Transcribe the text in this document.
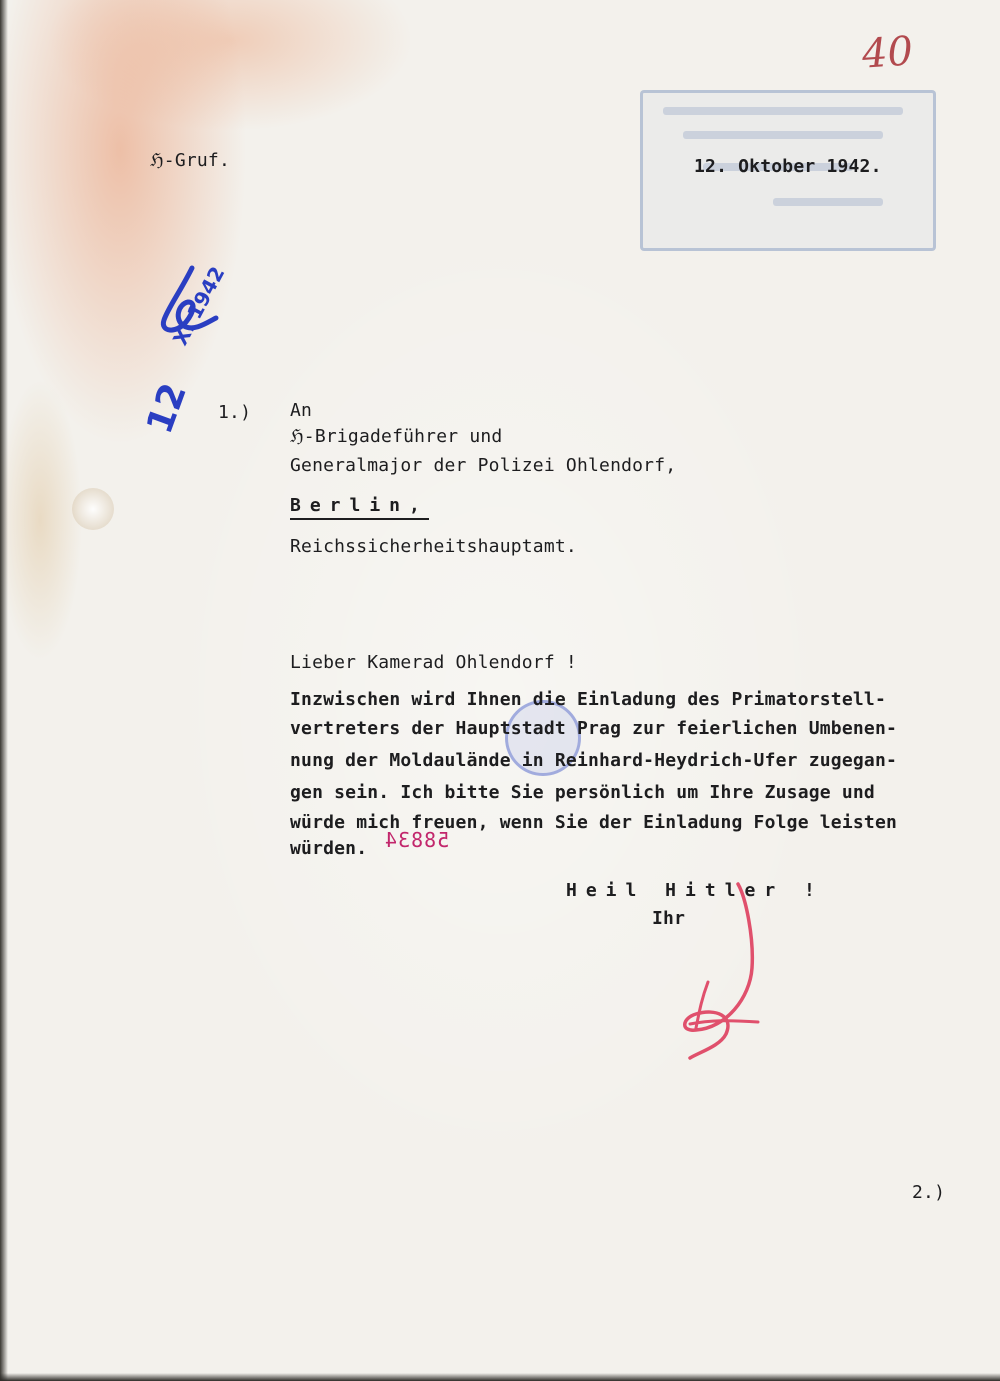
40
ℌ-Gruf.	12. Oktober 1942.
X. 1942
12 1.) An
ℌ-Brigadeführer und
Generalmajor der Polizei Ohlendorf,
Berlin,
Reichssicherheitshauptamt.
Lieber Kamerad Ohlendorf !
Inzwischen wird Ihnen die Einladung des Primatorstell-
vertreters der Hauptstadt Prag zur feierlichen Umbenen-
nung der Moldauländе in Reinhard-Heydrich-Ufer zugegan-
gen sein. Ich bitte Sie persönlich um Ihre Zusage und
würde mich freuen, wenn Sie der Einladung Folge leisten
würden. 58834
Heil Hitler !
Ihr
2.)
